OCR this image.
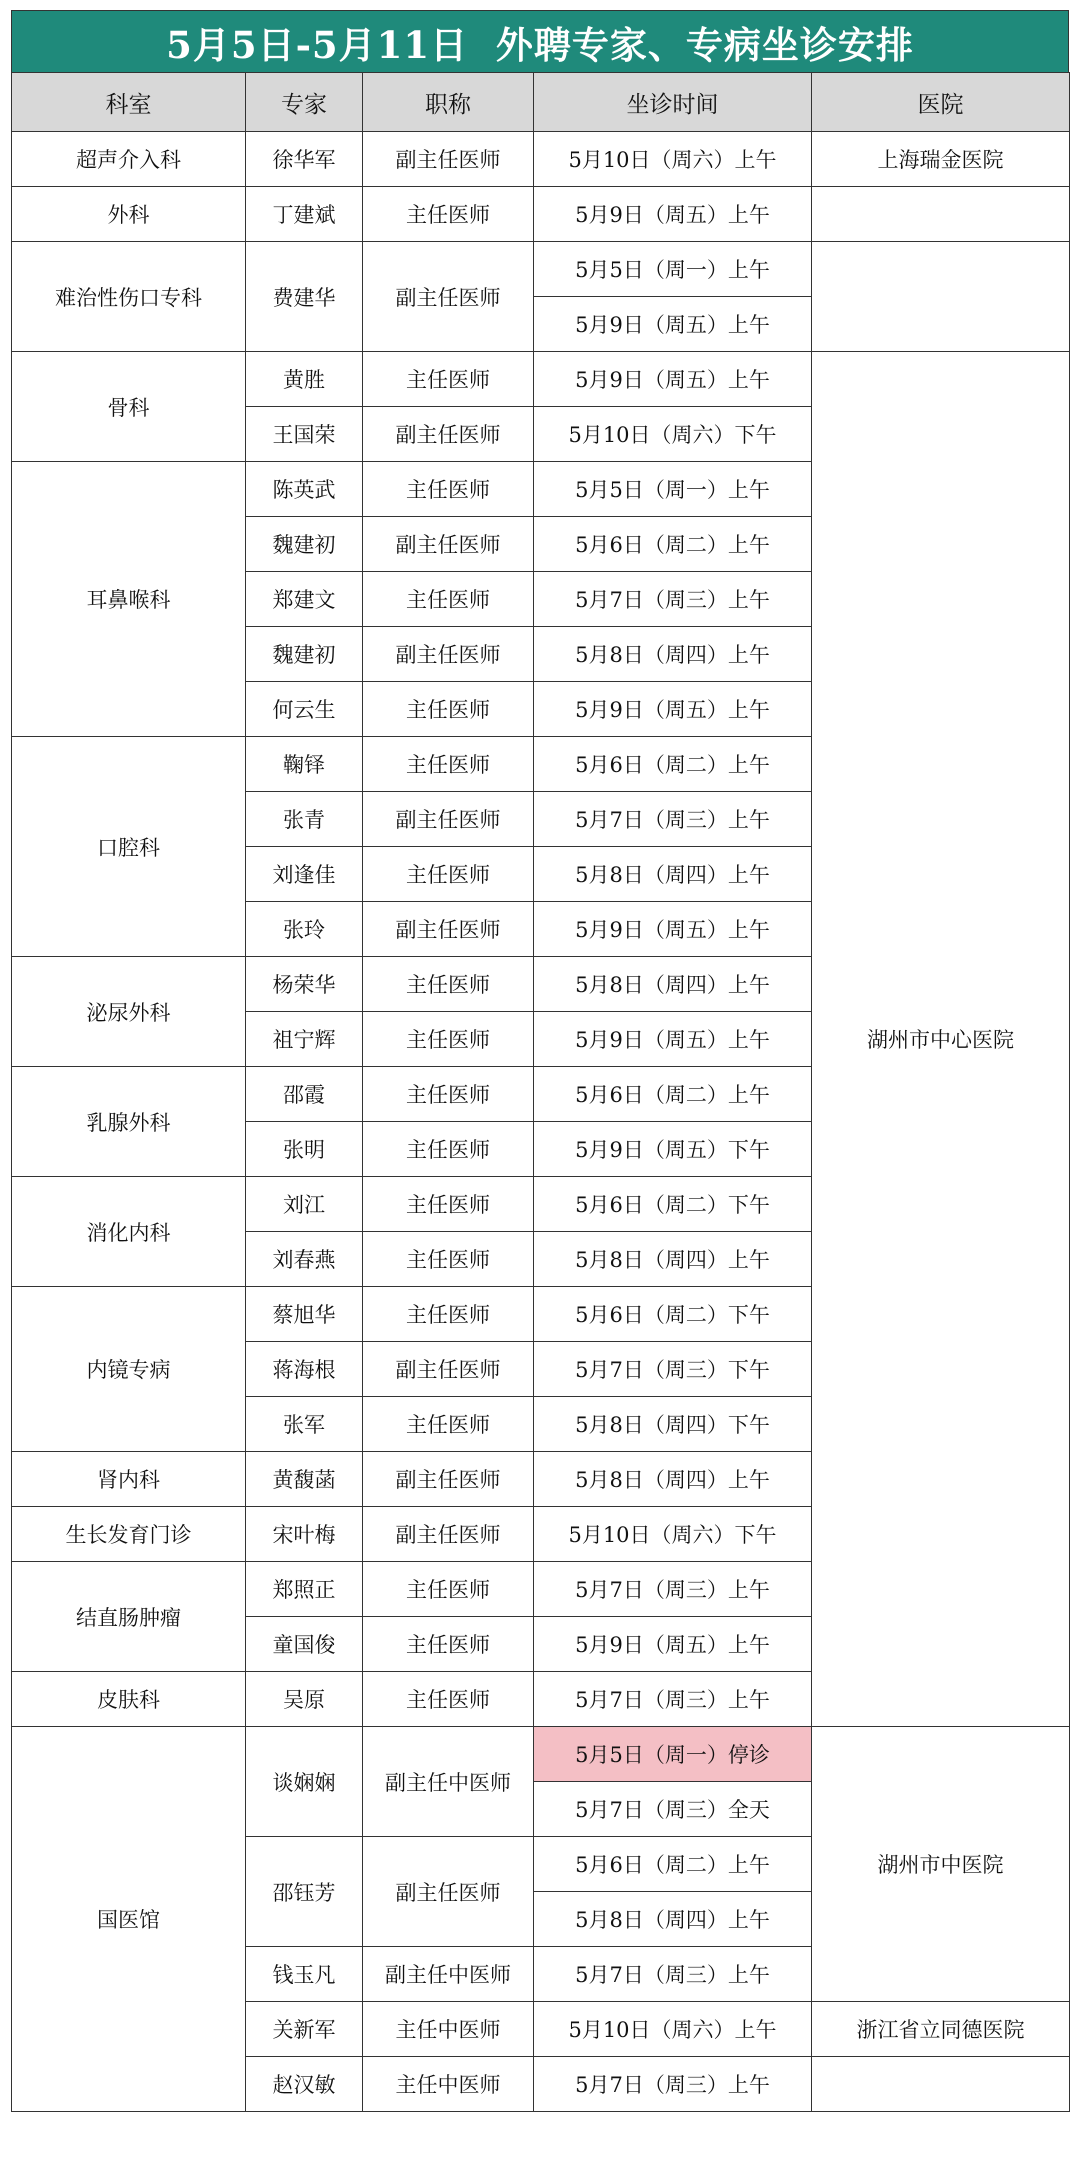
5月5日-5月11日  外聘专家、专病坐诊安排
科室	专家	职称	坐诊时间	医院
超声介入科	徐华军	副主任医师	5月10日（周六）上午	上海瑞金医院
外科	丁建斌	主任医师	5月9日（周五）上午	
难治性伤口专科	费建华	副主任医师	5月5日（周一）上午	
			5月9日（周五）上午	
骨科	黄胜	主任医师	5月9日（周五）上午	湖州市中心医院
	王国荣	副主任医师	5月10日（周六）下午	
耳鼻喉科	陈英武	主任医师	5月5日（周一）上午	
	魏建初	副主任医师	5月6日（周二）上午	
	郑建文	主任医师	5月7日（周三）上午	
	魏建初	副主任医师	5月8日（周四）上午	
	何云生	主任医师	5月9日（周五）上午	
口腔科	鞠铎	主任医师	5月6日（周二）上午	
	张青	副主任医师	5月7日（周三）上午	
	刘逢佳	主任医师	5月8日（周四）上午	
	张玲	副主任医师	5月9日（周五）上午	
泌尿外科	杨荣华	主任医师	5月8日（周四）上午	
	祖宁辉	主任医师	5月9日（周五）上午	
乳腺外科	邵霞	主任医师	5月6日（周二）上午	
	张明	主任医师	5月9日（周五）下午	
消化内科	刘江	主任医师	5月6日（周二）下午	
	刘春燕	主任医师	5月8日（周四）上午	
内镜专病	蔡旭华	主任医师	5月6日（周二）下午	
	蒋海根	副主任医师	5月7日（周三）下午	
	张军	主任医师	5月8日（周四）下午	
肾内科	黄馥菡	副主任医师	5月8日（周四）上午	
生长发育门诊	宋叶梅	副主任医师	5月10日（周六）下午	
结直肠肿瘤	郑照正	主任医师	5月7日（周三）上午	
	童国俊	主任医师	5月9日（周五）上午	
皮肤科	吴原	主任医师	5月7日（周三）上午	
国医馆	谈娴娴	副主任中医师	5月5日（周一）停诊	湖州市中医院
			5月7日（周三）全天	
	邵钰芳	副主任医师	5月6日（周二）上午	
			5月8日（周四）上午	
	钱玉凡	副主任中医师	5月7日（周三）上午	
	关新军	主任中医师	5月10日（周六）上午	浙江省立同德医院
	赵汉敏	主任中医师	5月7日（周三）上午	
